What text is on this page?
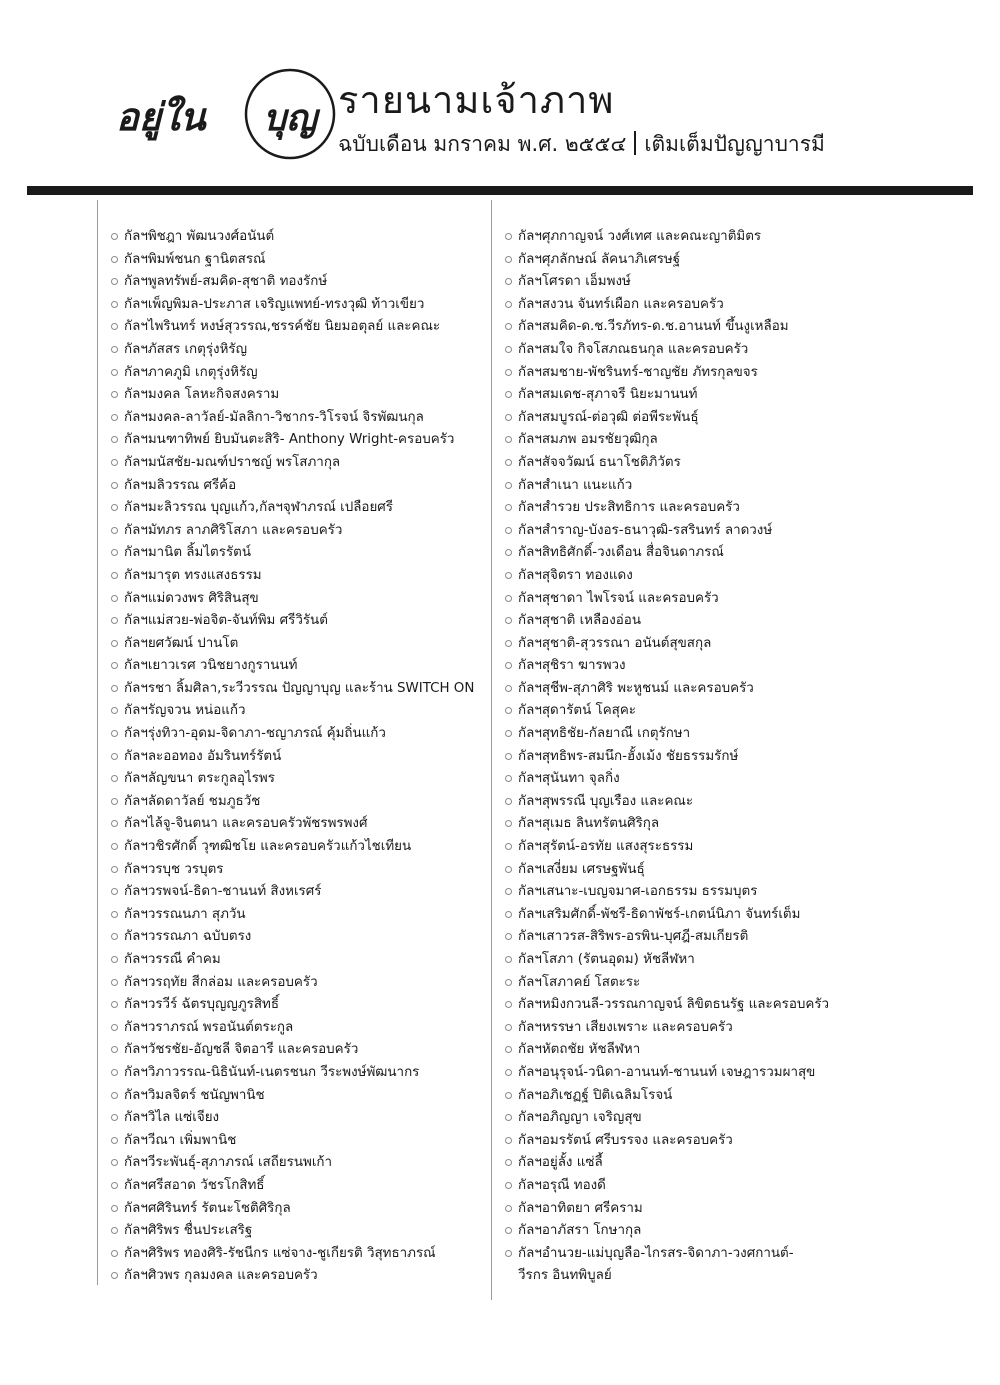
อยู่ใน บุญ รายนามเจ้าภาพ
ฉบับเดือน มกราคม พ.ศ. ๒๕๕๔ เติมเต็มปัญญาบารมี
กัลฯพิชฎา พัฒนวงศ์อนันต์
กัลฯพิมพ์ชนก ฐานิตสรณ์
กัลฯพูลทรัพย์-สมคิด-สุชาติ ทองรักษ์
กัลฯเพ็ญพิมล-ประภาส เจริญแพทย์-ทรงวุฒิ ท้าวเขียว
กัลฯไพรินทร์ หงษ์สุวรรณ,ชรรค์ชัย นิยมอตุลย์ และคณะ
กัลฯภัสสร เกตุรุ่งหิรัญ
กัลฯภาคภูมิ เกตุรุ่งหิรัญ
กัลฯมงคล โลหะกิจสงคราม
กัลฯมงคล-ลาวัลย์-มัลลิกา-วิชากร-วิโรจน์ จิรพัฒนกุล
กัลฯมนฑาทิพย์ ยิบมันตะสิริ- Anthony Wright-ครอบครัว
กัลฯมนัสชัย-มณฑ์ปราชญ์ พรโสภากุล
กัลฯมลิวรรณ ศรีค้อ
กัลฯมะลิวรรณ บุญแก้ว,กัลฯจุฬาภรณ์ เปลือยศรี
กัลฯมัทภร ลาภศิริโสภา และครอบครัว
กัลฯมานิต ลิ้มไตรรัตน์
กัลฯมารุต ทรงแสงธรรม
กัลฯแม่ดวงพร ศิริสินสุข
กัลฯแม่สวย-พ่อจิต-จันท์พิม ศรีวิรันต์
กัลฯยศวัฒน์ ปานโต
กัลฯเยาวเรศ วนิชยางกูรานนท์
กัลฯรชา ลิ้มศิลา,ระวีวรรณ ปัญญาบุญ และร้าน SWITCH ON
กัลฯรัญจวน หน่อแก้ว
กัลฯรุ่งทิวา-อุดม-จิดาภา-ชญาภรณ์ คุ้มถิ่นแก้ว
กัลฯละออทอง อัมรินทร์รัตน์
กัลฯลัญขนา ตระกูลอุไรพร
กัลฯลัดดาวัลย์ ชมภูธวัช
กัลฯไล้จู-จินตนา และครอบครัวพัชรพรพงศ์
กัลฯวชิรศักดิ์ วุฑฒิชโย และครอบครัวแก้วไชเทียน
กัลฯวรบุช วรบุตร
กัลฯวรพจน์-ธิดา-ชานนท์ สิงหเรศร์
กัลฯวรรณนภา สุภวัน
กัลฯวรรณภา ฉบับตรง
กัลฯวรรณี คำคม
กัลฯวรฤทัย สีกล่อม และครอบครัว
กัลฯวรวีร์ ฉัตรบุญญภูรสิทธิ์
กัลฯวราภรณ์ พรอนันต์ตระกูล
กัลฯวัชรชัย-อัญชลี จิตอารี และครอบครัว
กัลฯวิภาวรรณ-นิธินันท์-เนตรชนก วีระพงษ์พัฒนากร
กัลฯวิมลจิตร์ ชนัญพานิช
กัลฯวิไล แซ่เจียง
กัลฯวีณา เพิ่มพานิช
กัลฯวีระพันธุ์-สุภาภรณ์ เสถียรนพเก้า
กัลฯศรีสอาด วัชรโกสิทธิ์
กัลฯศศิรินทร์ รัตนะโชติศิริกุล
กัลฯศิริพร ชื่นประเสริฐ
กัลฯศิริพร ทองศิริ-รัชนีกร แซ่จาง-ชูเกียรติ วิสุทธาภรณ์
กัลฯศิวพร กุลมงคล และครอบครัว
กัลฯศุภกาญจน์ วงศ์เทศ และคณะญาติมิตร
กัลฯศุภลักษณ์ ลัคนาภิเศรษฐ์
กัลฯโศรดา เอ็มพงษ์
กัลฯสงวน จันทร์เผือก และครอบครัว
กัลฯสมคิด-ด.ช.วีรภัทร-ด.ช.อานนท์ ขึ้นงูเหลือม
กัลฯสมใจ กิจโสภณธนกุล และครอบครัว
กัลฯสมชาย-พัชรินทร์-ชาญชัย ภัทรกุลขจร
กัลฯสมเดช-สุภาจรี นิยะมานนท์
กัลฯสมบูรณ์-ต่อวุฒิ ต่อพีระพันธุ์
กัลฯสมภพ อมรชัยวุฒิกุล
กัลฯสัจจวัฒน์ ธนาโชติภิวัตร
กัลฯสำเนา แนะแก้ว
กัลฯสำรวย ประสิทธิการ และครอบครัว
กัลฯสำราญ-บังอร-ธนาวุฒิ-รสรินทร์ ลาดวงษ์
กัลฯสิทธิศักดิ์-วงเดือน สื่อจินดาภรณ์
กัลฯสุจิตรา ทองแดง
กัลฯสุชาดา ไพโรจน์ และครอบครัว
กัลฯสุชาติ เหลืองอ่อน
กัลฯสุชาติ-สุวรรณา อนันต์สุขสกุล
กัลฯสุชิรา ฆารพวง
กัลฯสุชีพ-สุภาศิริ พะหูชนม์ และครอบครัว
กัลฯสุดารัตน์ โคสุคะ
กัลฯสุทธิชัย-กัลยาณี เกตุรักษา
กัลฯสุทธิพร-สมนึก-ฮั้งเม้ง ชัยธรรมรักษ์
กัลฯสุนันทา จุลกิ่ง
กัลฯสุพรรณี บุญเรือง และคณะ
กัลฯสุเมธ ลินทรัตนศิริกุล
กัลฯสุรัตน์-อรทัย แสงสุระธรรม
กัลฯเสงี่ยม เศรษฐพันธุ์
กัลฯเสนาะ-เบญจมาศ-เอกธรรม ธรรมบุตร
กัลฯเสริมศักดิ์-พัชรี-ธิดาพัชร์-เกตน์นิภา จันทร์เต็ม
กัลฯเสาวรส-สิริพร-อรพิน-บุศฎี-สมเกียรติ
กัลฯโสภา (รัตนอุดม) หัชลีฬหา
กัลฯโสภาคย์ โสตะระ
กัลฯหมิงกวนลี-วรรณกาญจน์ ลิขิตธนรัฐ และครอบครัว
กัลฯหรรษา เสียงเพราะ และครอบครัว
กัลฯหัตถชัย หัชลีฬหา
กัลฯอนุรุจน์-วนิดา-อานนท์-ชานนท์ เจษฎารวมผาสุข
กัลฯอภิเชฏฐ์ ปิติเฉลิมโรจน์
กัลฯอภิญญา เจริญสุข
กัลฯอมรรัตน์ ศรีบรรจง และครอบครัว
กัลฯอยู่ลั้ง แซ่ลี้
กัลฯอรุณี ทองดี
กัลฯอาทิตยา ศรีคราม
กัลฯอาภัสรา โกษากุล
กัลฯอำนวย-แม่บุญลือ-ไกรสร-จิดาภา-วงศกานต์-
วีรกร อินทพิบูลย์
